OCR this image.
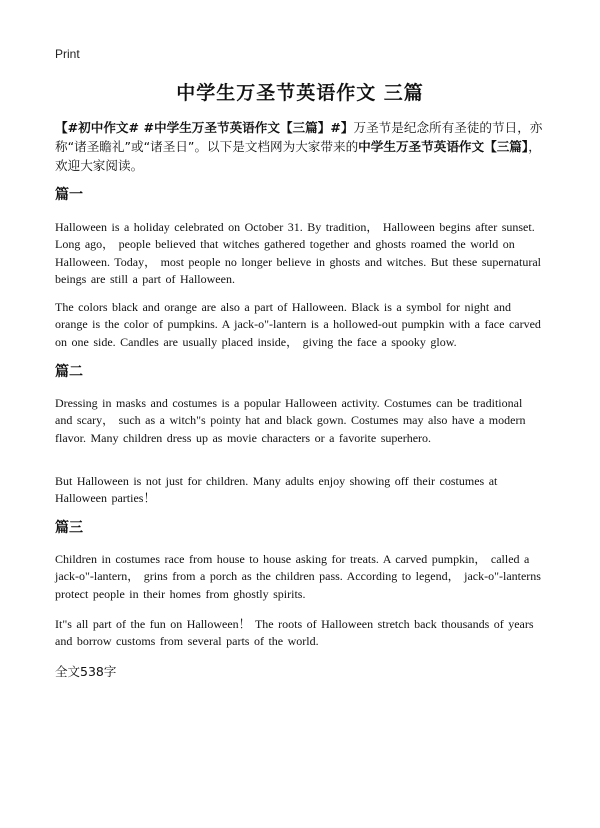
Print
中学生万圣节英语作文 三篇
【#初中作文# #中学生万圣节英语作文【三篇】#】万圣节是纪念所有圣徒的节日，亦称“诸圣瞻礼”或“诸圣日”。以下是文档网为大家带来的中学生万圣节英语作文【三篇】，欢迎大家阅读。
篇一
Halloween is a holiday celebrated on October 31. By tradition， Halloween begins after sunset. Long ago， people believed that witches gathered together and ghosts roamed the world on Halloween. Today， most people no longer believe in ghosts and witches. But these supernatural beings are still a part of Halloween.
The colors black and orange are also a part of Halloween. Black is a symbol for night and orange is the color of pumpkins. A jack-o"-lantern is a hollowed-out pumpkin with a face carved on one side. Candles are usually placed inside， giving the face a spooky glow.
篇二
Dressing in masks and costumes is a popular Halloween activity. Costumes can be traditional and scary， such as a witch"s pointy hat and black gown. Costumes may also have a modern flavor. Many children dress up as movie characters or a favorite superhero.
But Halloween is not just for children. Many adults enjoy showing off their costumes at Halloween parties！
篇三
Children in costumes race from house to house asking for treats. A carved pumpkin， called a jack-o"-lantern， grins from a porch as the children pass. According to legend， jack-o"-lanterns protect people in their homes from ghostly spirits.
It"s all part of the fun on Halloween！ The roots of Halloween stretch back thousands of years and borrow customs from several parts of the world.
全文538字
